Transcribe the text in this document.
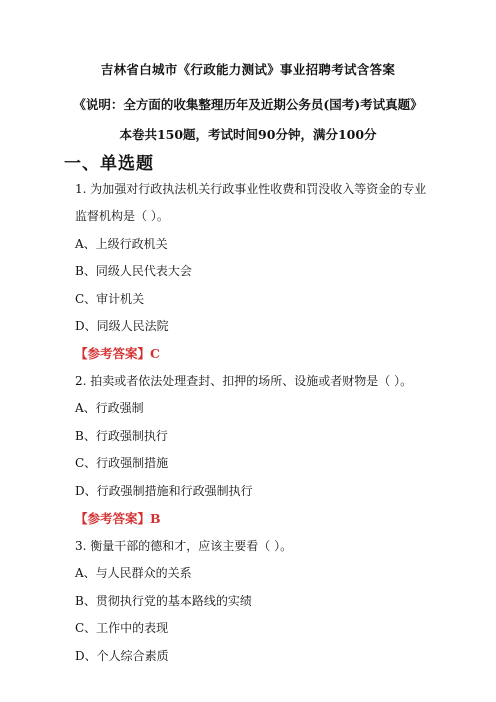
吉林省白城市《行政能力测试》事业招聘考试含答案
《说明：全方面的收集整理历年及近期公务员(国考)考试真题》
本卷共150题，考试时间90分钟，满分100分
一、单选题
1. 为加强对行政执法机关行政事业性收费和罚没收入等资金的专业
监督机构是（ ）。
A、上级行政机关
B、同级人民代表大会
C、审计机关
D、同级人民法院
【参考答案】C
2. 拍卖或者依法处理查封、扣押的场所、设施或者财物是（ ）。
A、行政强制
B、行政强制执行
C、行政强制措施
D、行政强制措施和行政强制执行
【参考答案】B
3. 衡量干部的德和才，应该主要看（ ）。
A、与人民群众的关系
B、贯彻执行党的基本路线的实绩
C、工作中的表现
D、个人综合素质
